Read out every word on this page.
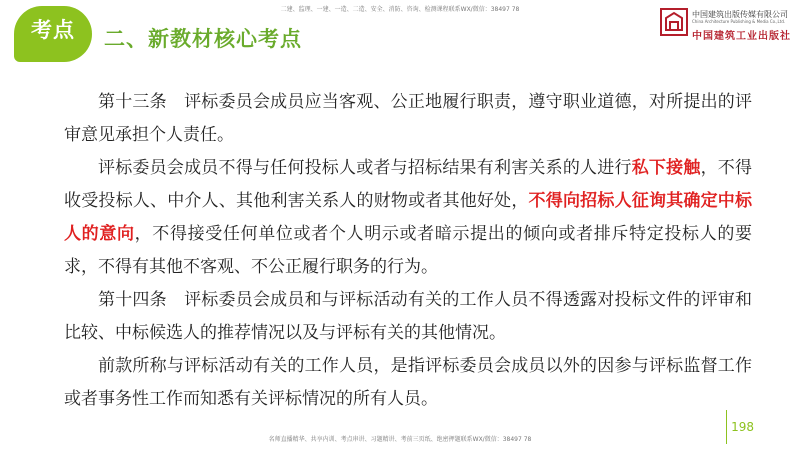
二建、监理、一建、一造、二造、安全、消防、咨询、检测课程联系WX/微信：38497 78
考点	二、新教材核心考点
中国建筑出版传媒有限公司
China Architecture Publishing & Media Co.,Ltd.
中国建筑工业出版社

第十三条　评标委员会成员应当客观、公正地履行职责，遵守职业道德，对所提出的评审意见承担个人责任。

评标委员会成员不得与任何投标人或者与招标结果有利害关系的人进行私下接触，不得收受投标人、中介人、其他利害关系人的财物或者其他好处，不得向招标人征询其确定中标人的意向，不得接受任何单位或者个人明示或者暗示提出的倾向或者排斥特定投标人的要求，不得有其他不客观、不公正履行职务的行为。

第十四条　评标委员会成员和与评标活动有关的工作人员不得透露对投标文件的评审和比较、中标候选人的推荐情况以及与评标有关的其他情况。

前款所称与评标活动有关的工作人员，是指评标委员会成员以外的因参与评标监督工作或者事务性工作而知悉有关评标情况的所有人员。

198
名师直播精华、共享内训、考点串讲、习题精讲、考前三页纸、绝密押题联系WX/微信：38497 78
